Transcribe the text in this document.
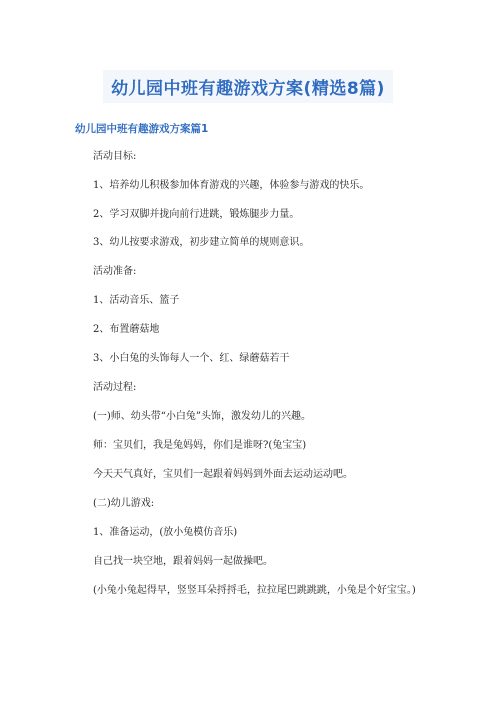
幼儿园中班有趣游戏方案(精选8篇)
幼儿园中班有趣游戏方案篇1
活动目标:
1、培养幼儿积极参加体育游戏的兴趣，体验参与游戏的快乐。
2、学习双脚并拢向前行进跳，锻炼腿步力量。
3、幼儿按要求游戏，初步建立简单的规则意识。
活动准备:
1、活动音乐、篮子
2、布置蘑菇地
3、小白兔的头饰每人一个、红、绿蘑菇若干
活动过程:
(一)师、幼头带“小白兔”头饰，激发幼儿的兴趣。
师：宝贝们，我是兔妈妈，你们是谁呀?(兔宝宝)
今天天气真好，宝贝们一起跟着妈妈到外面去运动运动吧。
(二)幼儿游戏:
1、准备运动，(放小兔模仿音乐)
自己找一块空地，跟着妈妈一起做操吧。
(小兔小兔起得早，竖竖耳朵捋捋毛，拉拉尾巴跳跳跳，小兔是个好宝宝。)
